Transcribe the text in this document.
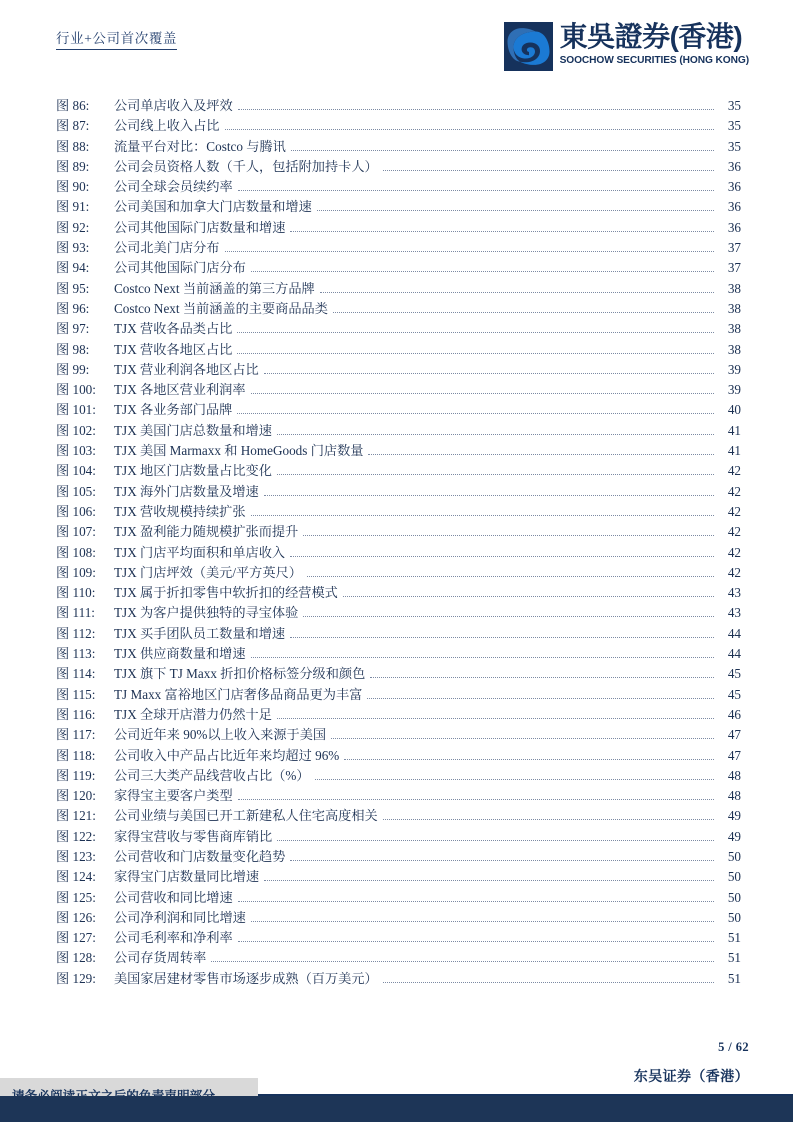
行业+公司首次覆盖	東吳證券(香港)
SOOCHOW SECURITIES (HONG KONG)
图 86:	公司单店收入及坪效	35
图 87:	公司线上收入占比	35
图 88:	流量平台对比：Costco 与腾讯	35
图 89:	公司会员资格人数（千人，包括附加持卡人）	36
图 90:	公司全球会员续约率	36
图 91:	公司美国和加拿大门店数量和增速	36
图 92:	公司其他国际门店数量和增速	36
图 93:	公司北美门店分布	37
图 94:	公司其他国际门店分布	37
图 95:	Costco Next 当前涵盖的第三方品牌	38
图 96:	Costco Next 当前涵盖的主要商品品类	38
图 97:	TJX 营收各品类占比	38
图 98:	TJX 营收各地区占比	38
图 99:	TJX 营业利润各地区占比	39
图 100:	TJX 各地区营业利润率	39
图 101:	TJX 各业务部门品牌	40
图 102:	TJX 美国门店总数量和增速	41
图 103:	TJX 美国 Marmaxx 和 HomeGoods 门店数量	41
图 104:	TJX 地区门店数量占比变化	42
图 105:	TJX 海外门店数量及增速	42
图 106:	TJX 营收规模持续扩张	42
图 107:	TJX 盈利能力随规模扩张而提升	42
图 108:	TJX 门店平均面积和单店收入	42
图 109:	TJX 门店坪效（美元/平方英尺）	42
图 110:	TJX 属于折扣零售中软折扣的经营模式	43
图 111:	TJX 为客户提供独特的寻宝体验	43
图 112:	TJX 买手团队员工数量和增速	44
图 113:	TJX 供应商数量和增速	44
图 114:	TJX 旗下 TJ Maxx 折扣价格标签分级和颜色	45
图 115:	TJ Maxx 富裕地区门店奢侈品商品更为丰富	45
图 116:	TJX 全球开店潜力仍然十足	46
图 117:	公司近年来 90%以上收入来源于美国	47
图 118:	公司收入中产品占比近年来均超过 96%	47
图 119:	公司三大类产品线营收占比（%）	48
图 120:	家得宝主要客户类型	48
图 121:	公司业绩与美国已开工新建私人住宅高度相关	49
图 122:	家得宝营收与零售商库销比	49
图 123:	公司营收和门店数量变化趋势	50
图 124:	家得宝门店数量同比增速	50
图 125:	公司营收和同比增速	50
图 126:	公司净利润和同比增速	50
图 127:	公司毛利率和净利率	51
图 128:	公司存货周转率	51
图 129:	美国家居建材零售市场逐步成熟（百万美元）	51
5 / 62
东吴证券（香港）
